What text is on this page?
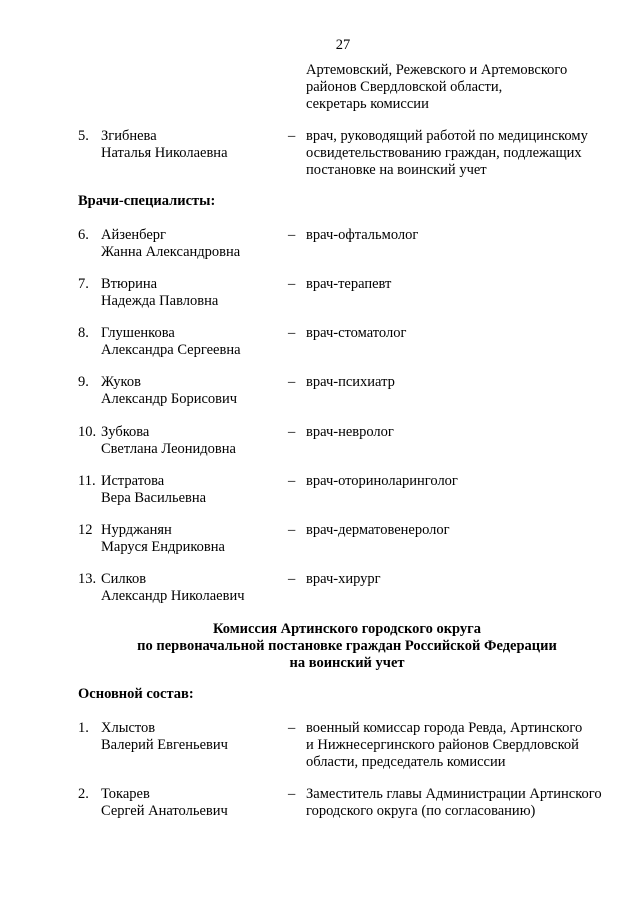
27
Артемовский, Режевского и Артемовского
районов Свердловской области,
секретарь комиссии
5. Згибнева
Наталья Николаевна
– врач, руководящий работой по медицинскому
освидетельствованию граждан, подлежащих
постановке на воинский учет
Врачи-специалисты:
6. Айзенберг
Жанна Александровна
– врач-офтальмолог
7. Втюрина
Надежда Павловна
– врач-терапевт
8. Глушенкова
Александра Сергеевна
– врач-стоматолог
9. Жуков
Александр Борисович
– врач-психиатр
10. Зубкова
Светлана Леонидовна
– врач-невролог
11. Истратова
Вера Васильевна
– врач-оториноларинголог
12 Нурджанян
Маруся Ендриковна
– врач-дерматовенеролог
13. Силков
Александр Николаевич
– врач-хирург
Комиссия Артинского городского округа
по первоначальной постановке граждан Российской Федерации
на воинский учет
Основной состав:
1. Хлыстов
Валерий Евгеньевич
– военный комиссар города Ревда, Артинского
и Нижнесергинского районов Свердловской
области, председатель комиссии
2. Токарев
Сергей Анатольевич
– Заместитель главы Администрации Артинского
городского округа (по согласованию)
